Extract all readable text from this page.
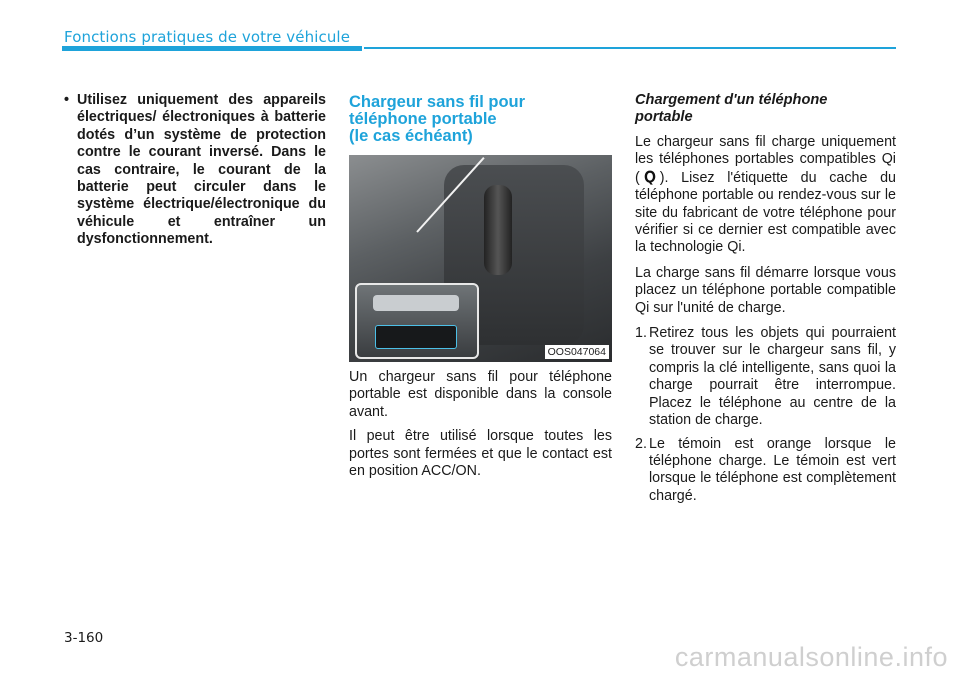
Fonctions pratiques de votre véhicule
• Utilisez uniquement des appareils électriques/ électroniques à batterie dotés d’un système de protection contre le courant inversé. Dans le cas contraire, le courant de la batterie peut circuler dans le système électrique/électronique du véhicule et entraîner un dysfonctionnement.
Chargeur sans fil pour
téléphone portable
(le cas échéant)
OOS047064

Un chargeur sans fil pour téléphone portable est disponible dans la console avant.

Il peut être utilisé lorsque toutes les portes sont fermées et que le contact est en position ACC/ON.

Chargement d'un téléphone
portable

Le chargeur sans fil charge uniquement les téléphones portables compatibles Qi ( ). Lisez l'étiquette du cache du téléphone portable ou rendez-vous sur le site du fabricant de votre téléphone pour vérifier si ce dernier est compatible avec la technologie Qi.

La charge sans fil démarre lorsque vous placez un téléphone portable compatible Qi sur l'unité de charge.

1. Retirez tous les objets qui pourraient se trouver sur le chargeur sans fil, y compris la clé intelligente, sans quoi la charge pourrait être interrompue. Placez le téléphone au centre de la station de charge.
2. Le témoin est orange lorsque le téléphone charge. Le témoin est vert lorsque le téléphone est complètement chargé.
3-160
carmanualsonline.info
